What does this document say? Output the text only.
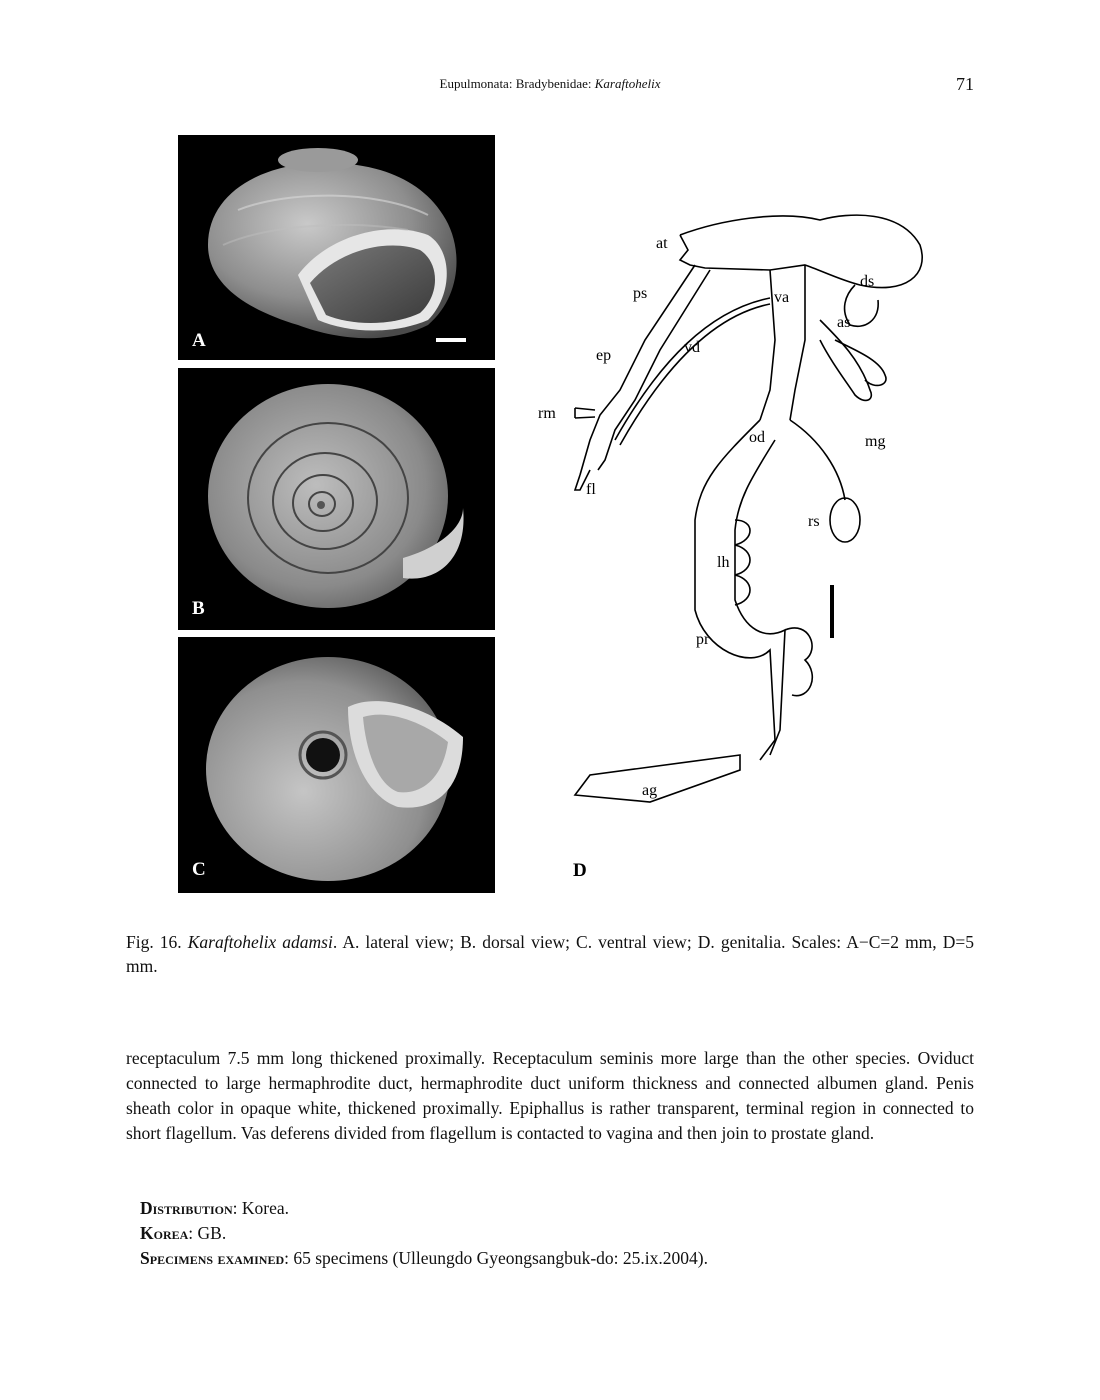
Eupulmonata: Bradybenidae: Karaftohelix	71
A
B
C
at
ps
ep	vd
rm
fl
va
ds
as
mg
od
rs
lh
pr
ag
D
Fig. 16. Karaftohelix adamsi. A. lateral view; B. dorsal view; C. ventral view; D. genitalia. Scales: A−C=2 mm, D=5 mm.
receptaculum 7.5 mm long thickened proximally. Receptaculum seminis more large than the other species. Oviduct connected to large hermaphrodite duct, hermaphrodite duct uniform thickness and connected albumen gland. Penis sheath color in opaque white, thickened proximally. Epiphallus is rather transparent, terminal region in connected to short flagellum. Vas deferens divided from flagellum is contacted to vagina and then join to prostate gland.
Distribution: Korea.
Korea: GB.
Specimens examined: 65 specimens (Ulleungdo Gyeongsangbuk-do: 25.ix.2004).
